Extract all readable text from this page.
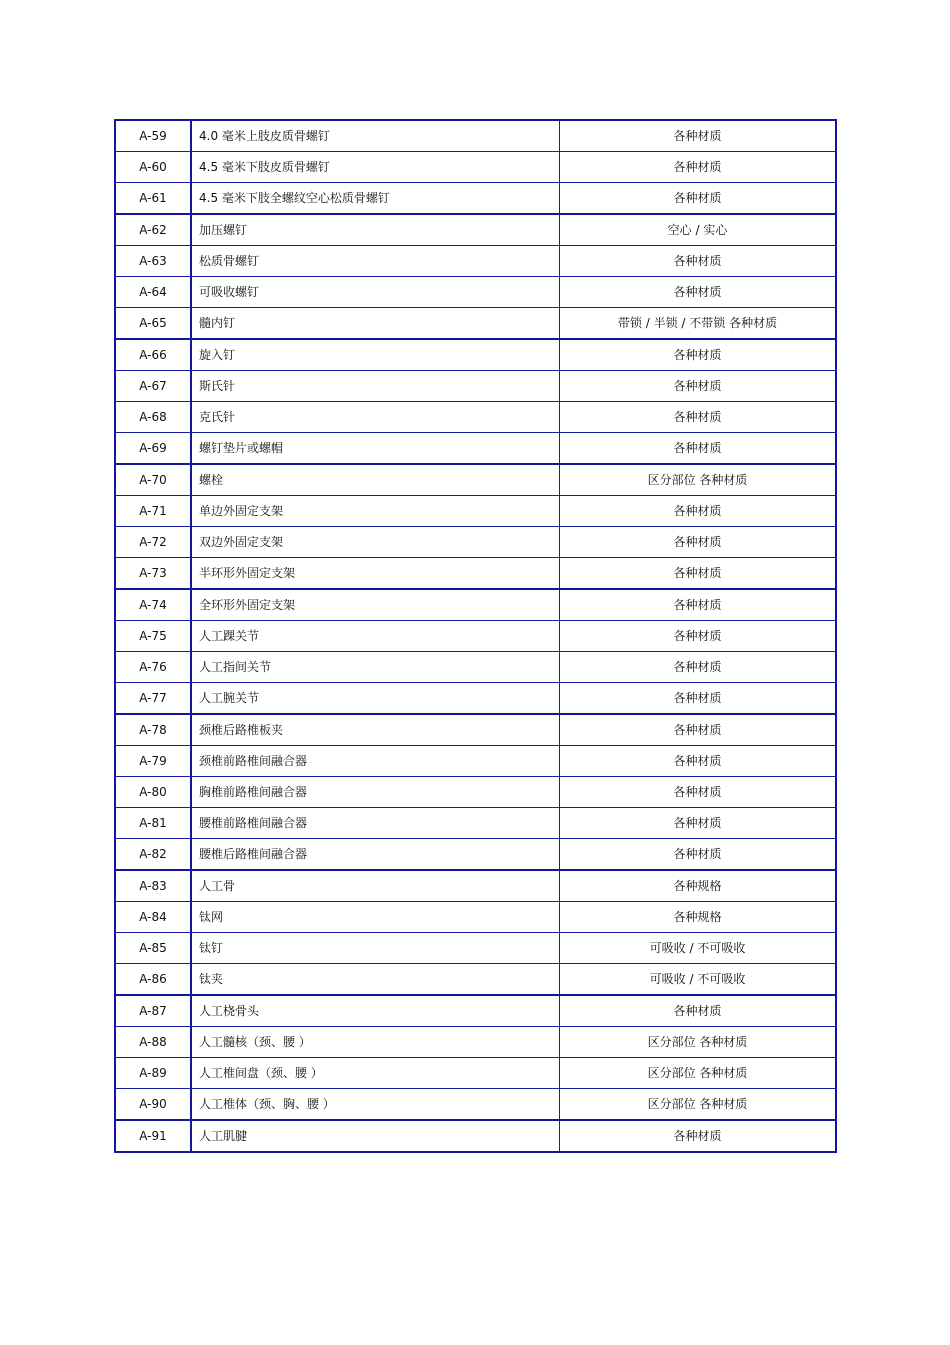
A-59	4.0 毫米上肢皮质骨螺钉	各种材质
A-60	4.5 毫米下肢皮质骨螺钉	各种材质
A-61	4.5 毫米下肢全螺纹空心松质骨螺钉	各种材质
A-62	加压螺钉	空心 / 实心
A-63	松质骨螺钉	各种材质
A-64	可吸收螺钉	各种材质
A-65	髓内钉	带锁 / 半锁 / 不带锁 各种材质
A-66	旋入钉	各种材质
A-67	斯氏针	各种材质
A-68	克氏针	各种材质
A-69	螺钉垫片或螺帽	各种材质
A-70	螺栓	区分部位 各种材质
A-71	单边外固定支架	各种材质
A-72	双边外固定支架	各种材质
A-73	半环形外固定支架	各种材质
A-74	全环形外固定支架	各种材质
A-75	人工踝关节	各种材质
A-76	人工指间关节	各种材质
A-77	人工腕关节	各种材质
A-78	颈椎后路椎板夹	各种材质
A-79	颈椎前路椎间融合器	各种材质
A-80	胸椎前路椎间融合器	各种材质
A-81	腰椎前路椎间融合器	各种材质
A-82	腰椎后路椎间融合器	各种材质
A-83	人工骨	各种规格
A-84	钛网	各种规格
A-85	钛钉	可吸收 / 不可吸收
A-86	钛夹	可吸收 / 不可吸收
A-87	人工桡骨头	各种材质
A-88	人工髓核（颈、腰 ）	区分部位 各种材质
A-89	人工椎间盘（颈、腰 ）	区分部位 各种材质
A-90	人工椎体（颈、胸、腰 ）	区分部位 各种材质
A-91	人工肌腱	各种材质
